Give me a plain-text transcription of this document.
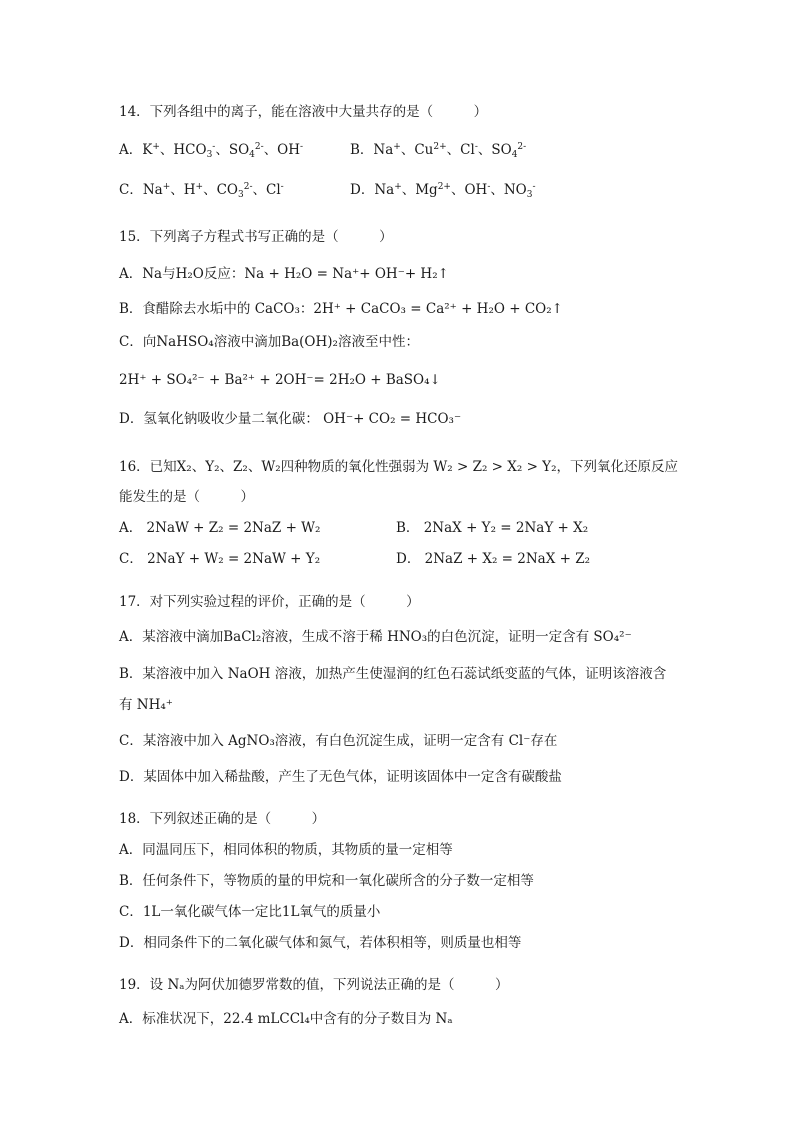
14．下列各组中的离子，能在溶液中大量共存的是（　　　）
A．K+、$HCO_3^-$、$SO_4^{2-}$、OH-	B．Na+、$Cu^{2+}$、Cl-、$SO_4^{2-}$
C．Na+、H+、$CO_3^{2-}$、Cl-	D．Na+、$Mg^{2+}$、OH-、$NO_3^-$
15．下列离子方程式书写正确的是（　　　）
A．Na与H₂O反应：Na + H₂O = Na⁺+ OH⁻+ H₂↑
B．食醋除去水垢中的 CaCO₃：2H⁺ + CaCO₃ = Ca²⁺ + H₂O + CO₂↑
C．向NaHSO₄溶液中滴加Ba(OH)₂溶液至中性：
2H⁺ + SO₄²⁻ + Ba²⁺ + 2OH⁻= 2H₂O + BaSO₄↓
D．氢氧化钠吸收少量二氧化碳： OH⁻+ CO₂ = HCO₃⁻
16．已知X₂、Y₂、Z₂、W₂四种物质的氧化性强弱为 W₂ > Z₂ > X₂ > Y₂，下列氧化还原反应
能发生的是（　　　）
A． 2NaW + Z₂ = 2NaZ + W₂	B． 2NaX + Y₂ = 2NaY + X₂
C． 2NaY + W₂ = 2NaW + Y₂	D． 2NaZ + X₂ = 2NaX + Z₂
17．对下列实验过程的评价，正确的是（　　　）
A．某溶液中滴加BaCl₂溶液，生成不溶于稀 HNO₃的白色沉淀，证明一定含有 SO₄²⁻
B．某溶液中加入 NaOH 溶液，加热产生使湿润的红色石蕊试纸变蓝的气体，证明该溶液含
有 NH₄⁺
C．某溶液中加入 AgNO₃溶液，有白色沉淀生成，证明一定含有 Cl⁻存在
D．某固体中加入稀盐酸，产生了无色气体，证明该固体中一定含有碳酸盐
18．下列叙述正确的是（　　　）
A．同温同压下，相同体积的物质，其物质的量一定相等
B．任何条件下，等物质的量的甲烷和一氧化碳所含的分子数一定相等
C．1L一氧化碳气体一定比1L氧气的质量小
D．相同条件下的二氧化碳气体和氮气，若体积相等，则质量也相等
19．设 Nₐ为阿伏加德罗常数的值，下列说法正确的是（　　　）
A．标准状况下，22.4 mLCCl₄中含有的分子数目为 Nₐ
